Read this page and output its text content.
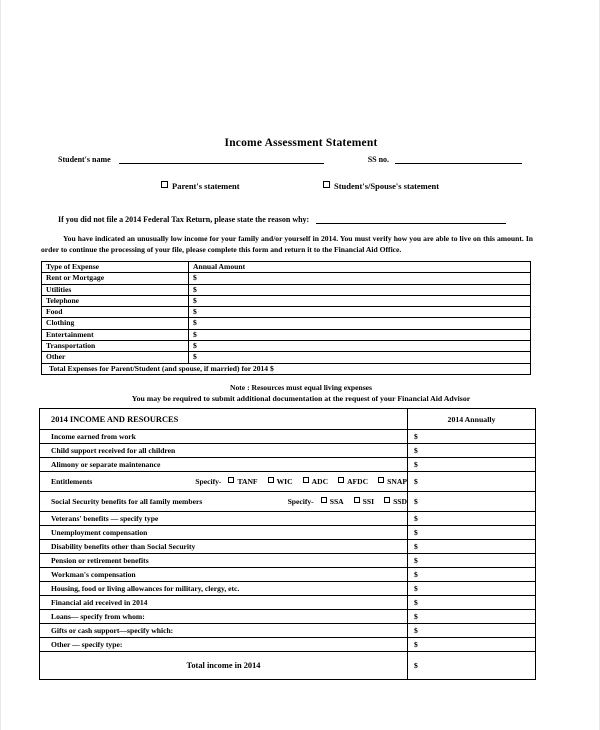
Income Assessment Statement
Student's name	SS no.
Parent's statement	Student's/Spouse's statement
If you did not file a 2014 Federal Tax Return, please state the reason why:
You have indicated an unusually low income for your family and/or yourself in 2014. You must verify how you are able to live on this amount. In order to continue the processing of your file, please complete this form and return it to the Financial Aid Office.
Type of Expense	Annual Amount
Rent or Mortgage	$
Utilities	$
Telephone	$
Food	$
Clothing	$
Entertainment	$
Transportation	$
Other	$
Total Expenses for Parent/Student (and spouse, if married) for 2014 $	
Note : Resources must equal living expenses
You may be required to submit additional documentation at the request of your Financial Aid Advisor
2014 INCOME AND RESOURCES	2014 Annually
Income earned from work	$
Child support received for all children	$
Alimony or separate maintenance	$

Entitlements	Specify-	TANF	WIC	ADC	AFDC	SNAP	$

Social Security benefits for all family members Specify- SSA SSI SSD	$
Veterans' benefits — specify type	$
Unemployment compensation	$
Disability benefits other than Social Security	$
Pension or retirement benefits	$
Workman's compensation	$
Housing, food or living allowances for military, clergy, etc.	$
Financial aid received in 2014	$
Loans— specify from whom:	$
Gifts or cash support—specify which:	$
Other — specify type:	$
Total income in 2014	$
